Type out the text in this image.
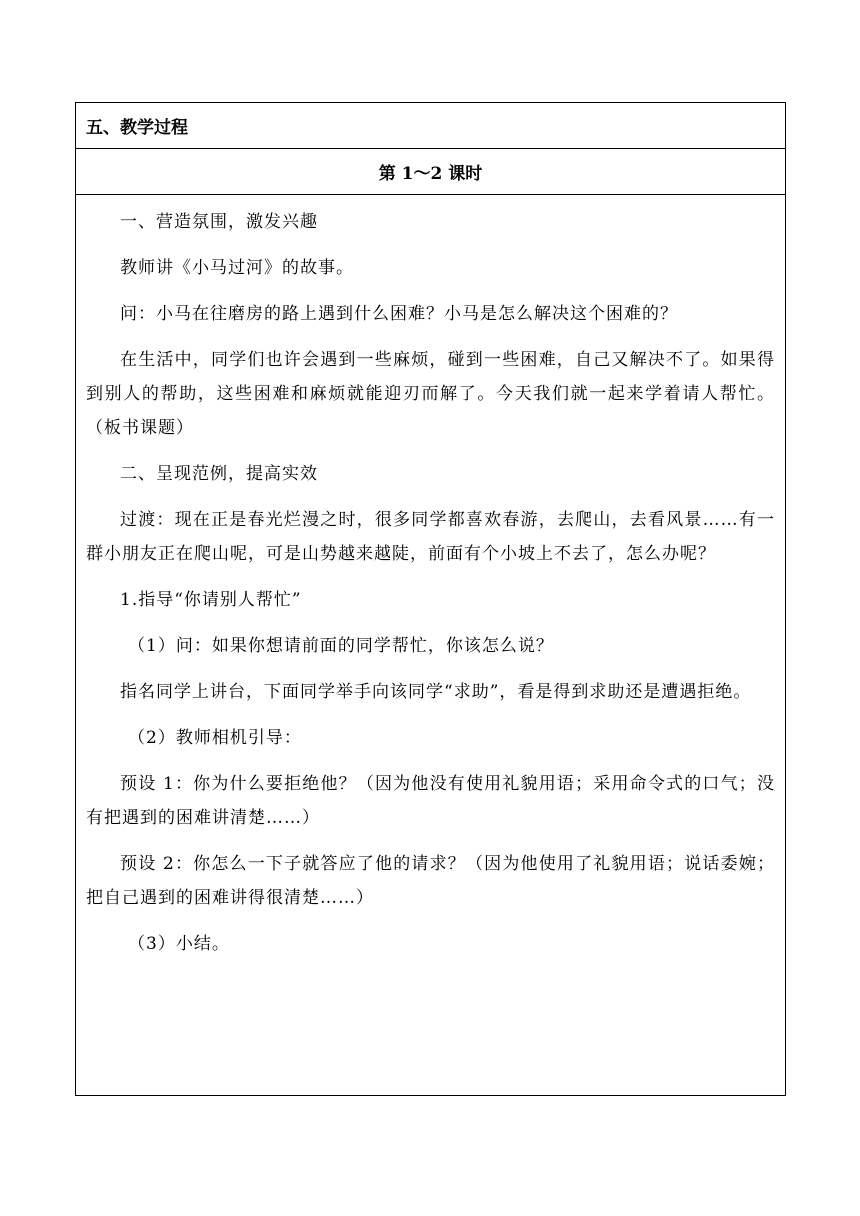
五、教学过程
第 1～2 课时

一、营造氛围，激发兴趣

教师讲《小马过河》的故事。

问：小马在往磨房的路上遇到什么困难？小马是怎么解决这个困难的？

在生活中，同学们也许会遇到一些麻烦，碰到一些困难，自己又解决不了。如果得到别人的帮助，这些困难和麻烦就能迎刃而解了。今天我们就一起来学着请人帮忙。（板书课题）

二、呈现范例，提高实效

过渡：现在正是春光烂漫之时，很多同学都喜欢春游，去爬山，去看风景……有一群小朋友正在爬山呢，可是山势越来越陡，前面有个小坡上不去了，怎么办呢？

1.指导“你请别人帮忙”

（1）问：如果你想请前面的同学帮忙，你该怎么说？

指名同学上讲台，下面同学举手向该同学“求助”，看是得到求助还是遭遇拒绝。

（2）教师相机引导：

预设 1：你为什么要拒绝他？（因为他没有使用礼貌用语；采用命令式的口气；没有把遇到的困难讲清楚……）

预设 2：你怎么一下子就答应了他的请求？（因为他使用了礼貌用语；说话委婉；把自己遇到的困难讲得很清楚……）

（3）小结。
